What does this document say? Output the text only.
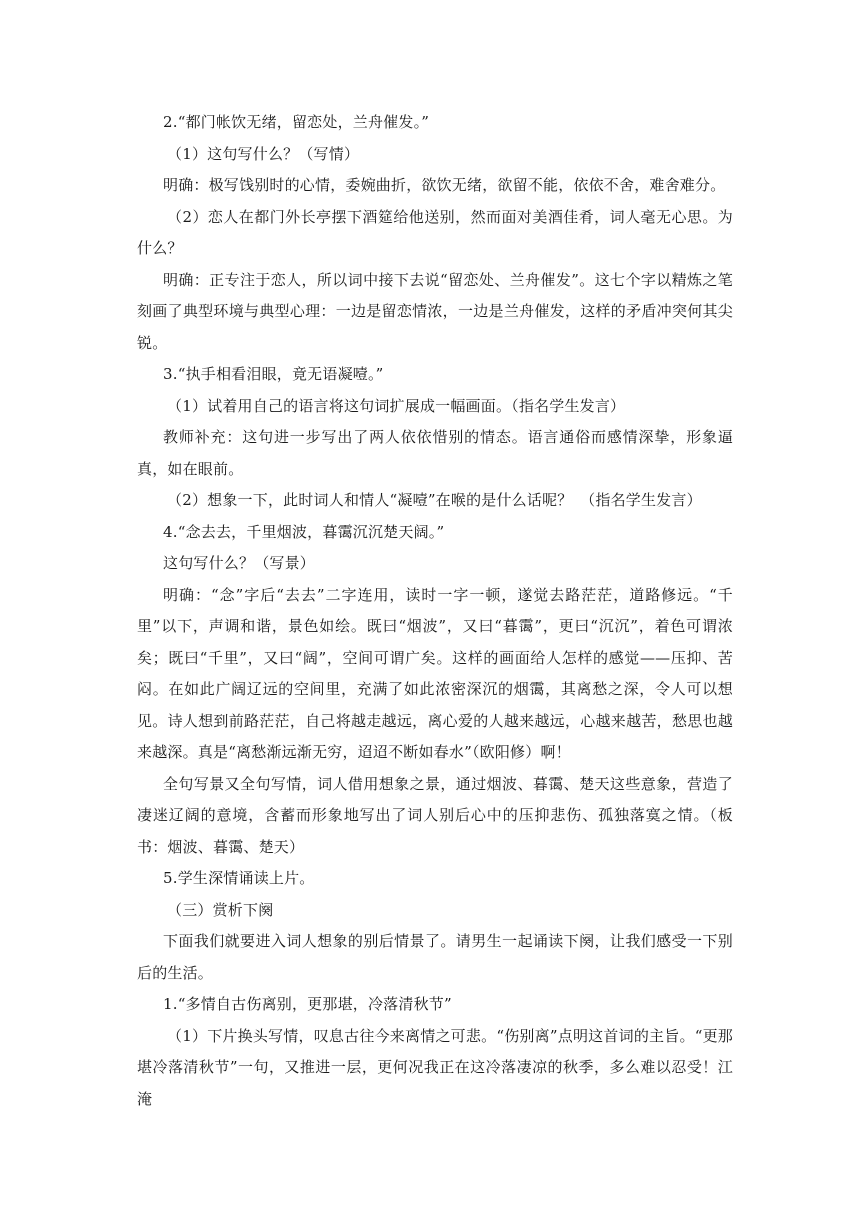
2.“都门帐饮无绪，留恋处，兰舟催发。”

（1）这句写什么？（写情）

明确：极写饯别时的心情，委婉曲折，欲饮无绪，欲留不能，依依不舍，难舍难分。

（2）恋人在都门外长亭摆下酒筵给他送别，然而面对美酒佳肴，词人毫无心思。为什么？

明确：正专注于恋人，所以词中接下去说“留恋处、兰舟催发”。这七个字以精炼之笔刻画了典型环境与典型心理：一边是留恋情浓，一边是兰舟催发，这样的矛盾冲突何其尖锐。

3.“执手相看泪眼，竟无语凝噎。”

（1）试着用自己的语言将这句词扩展成一幅画面。（指名学生发言）

教师补充：这句进一步写出了两人依依惜别的情态。语言通俗而感情深挚，形象逼真，如在眼前。

（2）想象一下，此时词人和情人“凝噎”在喉的是什么话呢？　（指名学生发言）

4.“念去去，千里烟波，暮霭沉沉楚天阔。”

这句写什么？（写景）

明确：“念”字后“去去”二字连用，读时一字一顿，遂觉去路茫茫，道路修远。“千里”以下，声调和谐，景色如绘。既曰“烟波”，又曰“暮霭”，更曰“沉沉”，着色可谓浓矣；既曰“千里”，又曰“阔”，空间可谓广矣。这样的画面给人怎样的感觉——压抑、苦闷。在如此广阔辽远的空间里，充满了如此浓密深沉的烟霭，其离愁之深，令人可以想见。诗人想到前路茫茫，自己将越走越远，离心爱的人越来越远，心越来越苦，愁思也越来越深。真是“离愁渐远渐无穷，迢迢不断如春水”（欧阳修）啊！

全句写景又全句写情，词人借用想象之景，通过烟波、暮霭、楚天这些意象，营造了凄迷辽阔的意境，含蓄而形象地写出了词人别后心中的压抑悲伤、孤独落寞之情。（板书：烟波、暮霭、楚天）

5.学生深情诵读上片。

（三）赏析下阕

下面我们就要进入词人想象的别后情景了。请男生一起诵读下阕，让我们感受一下别后的生活。

1.“多情自古伤离别，更那堪，冷落清秋节”

（1）下片换头写情，叹息古往今来离情之可悲。“伤别离”点明这首词的主旨。“更那堪冷落清秋节”一句，又推进一层，更何况我正在这冷落凄凉的秋季，多么难以忍受！江淹
